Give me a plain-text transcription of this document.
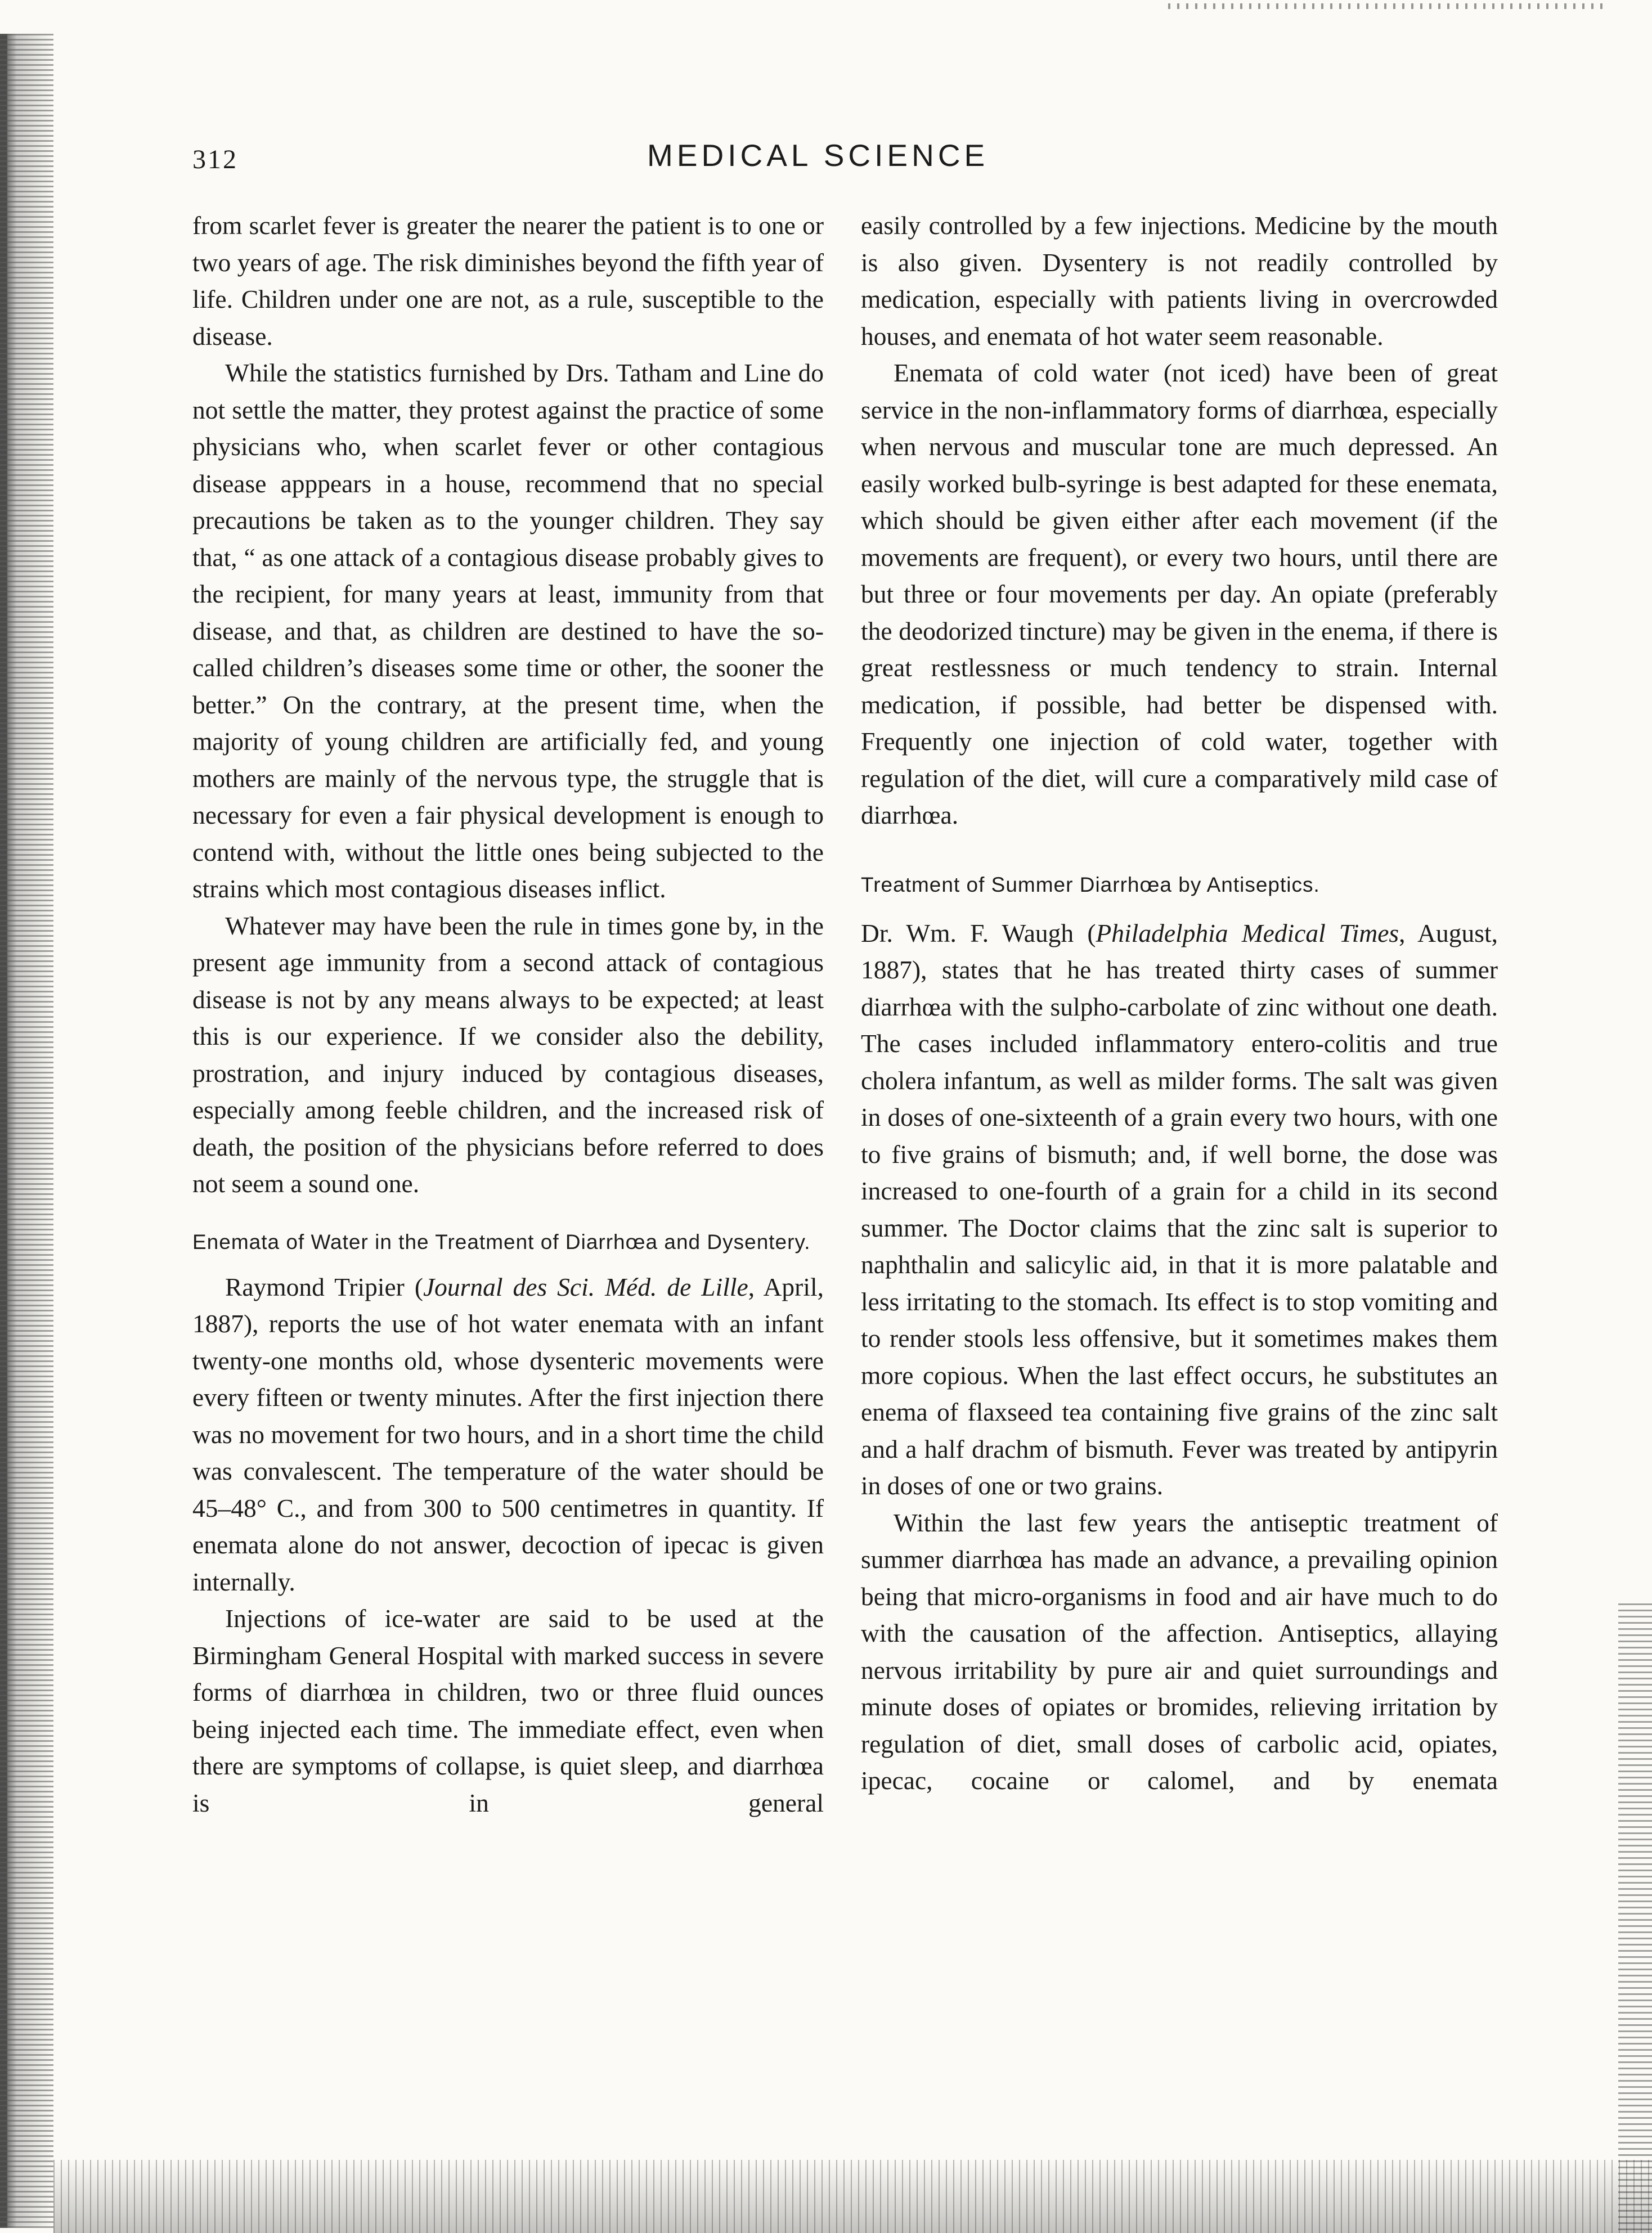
312	MEDICAL SCIENCE

from scarlet fever is greater the nearer the patient is to one or two years of age. The risk diminishes beyond the fifth year of life. Children under one are not, as a rule, susceptible to the disease.

While the statistics furnished by Drs. Tatham and Line do not settle the matter, they protest against the practice of some physicians who, when scarlet fever or other contagious disease apppears in a house, recommend that no special precautions be taken as to the younger children. They say that, “ as one attack of a contagious disease probably gives to the recipient, for many years at least, immunity from that disease, and that, as children are destined to have the so-called children’s diseases some time or other, the sooner the better.” On the contrary, at the present time, when the majority of young children are artificially fed, and young mothers are mainly of the nervous type, the struggle that is necessary for even a fair physical development is enough to contend with, without the little ones being subjected to the strains which most contagious diseases inflict.

Whatever may have been the rule in times gone by, in the present age immunity from a second attack of contagious disease is not by any means always to be expected; at least this is our experience. If we consider also the debility, prostration, and injury induced by contagious diseases, especially among feeble children, and the increased risk of death, the position of the physicians before referred to does not seem a sound one.

Enemata of Water in the Treatment of Diarrhœa and Dysentery.

Raymond Tripier (Journal des Sci. Méd. de Lille, April, 1887), reports the use of hot water enemata with an infant twenty-one months old, whose dysenteric movements were every fifteen or twenty minutes. After the first injection there was no movement for two hours, and in a short time the child was convalescent. The temperature of the water should be 45–48° C., and from 300 to 500 centimetres in quantity. If enemata alone do not answer, decoction of ipecac is given internally.

Injections of ice-water are said to be used at the Birmingham General Hospital with marked success in severe forms of diarrhœa in children, two or three fluid ounces being injected each time. The immediate effect, even when there are symptoms of collapse, is quiet sleep, and diarrhœa is in general

easily controlled by a few injections. Medicine by the mouth is also given. Dysentery is not readily controlled by medication, especially with patients living in overcrowded houses, and enemata of hot water seem reasonable.

Enemata of cold water (not iced) have been of great service in the non-inflammatory forms of diarrhœa, especially when nervous and muscular tone are much depressed. An easily worked bulb-syringe is best adapted for these enemata, which should be given either after each movement (if the movements are frequent), or every two hours, until there are but three or four movements per day. An opiate (preferably the deodorized tincture) may be given in the enema, if there is great restlessness or much tendency to strain. Internal medication, if possible, had better be dispensed with. Frequently one injection of cold water, together with regulation of the diet, will cure a comparatively mild case of diarrhœa.

Treatment of Summer Diarrhœa by Antiseptics.

Dr. Wm. F. Waugh (Philadelphia Medical Times, August, 1887), states that he has treated thirty cases of summer diarrhœa with the sulpho-carbolate of zinc without one death. The cases included inflammatory entero-colitis and true cholera infantum, as well as milder forms. The salt was given in doses of one-sixteenth of a grain every two hours, with one to five grains of bismuth; and, if well borne, the dose was increased to one-fourth of a grain for a child in its second summer. The Doctor claims that the zinc salt is superior to naphthalin and salicylic aid, in that it is more palatable and less irritating to the stomach. Its effect is to stop vomiting and to render stools less offensive, but it sometimes makes them more copious. When the last effect occurs, he substitutes an enema of flaxseed tea containing five grains of the zinc salt and a half drachm of bismuth. Fever was treated by antipyrin in doses of one or two grains.

Within the last few years the antiseptic treatment of summer diarrhœa has made an advance, a prevailing opinion being that micro-organisms in food and air have much to do with the causation of the affection. Antiseptics, allaying nervous irritability by pure air and quiet surroundings and minute doses of opiates or bromides, relieving irritation by regulation of diet, small doses of carbolic acid, opiates, ipecac, cocaine or calomel, and by enemata
